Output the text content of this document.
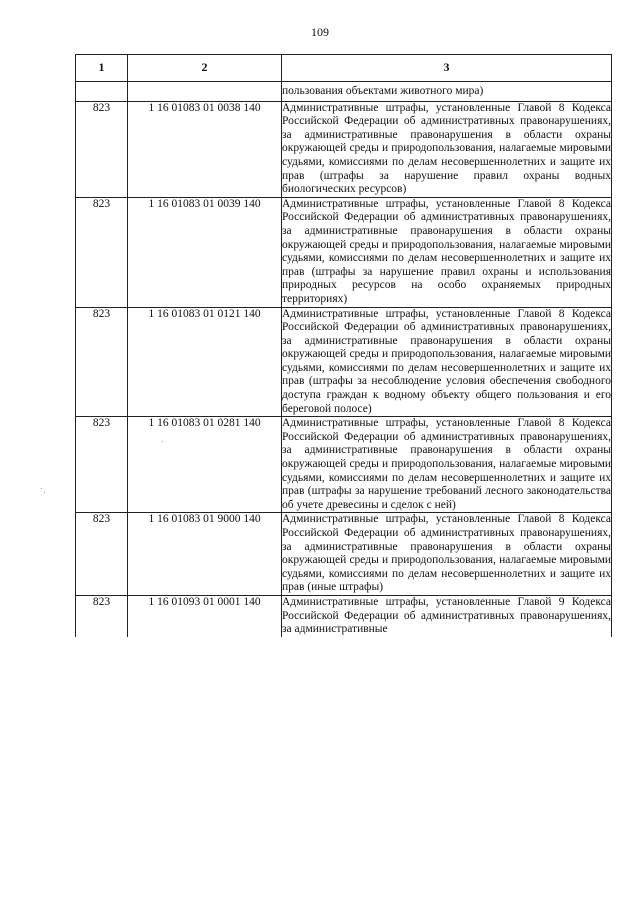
109
1	2	3
		пользования объектами животного мира)
823	1 16 01083 01 0038 140	Административные штрафы, установленные Главой 8 Кодекса Российской Федерации об административных правонарушениях, за административные правонарушения в области охраны окружающей среды и природопользования, налагаемые мировыми судьями, комиссиями по делам несовершеннолетних и защите их прав (штрафы за нарушение правил охраны водных биологических ресурсов)
823	1 16 01083 01 0039 140	Административные штрафы, установленные Главой 8 Кодекса Российской Федерации об административных правонарушениях, за административные правонарушения в области охраны окружающей среды и природопользования, налагаемые мировыми судьями, комиссиями по делам несовершеннолетних и защите их прав (штрафы за нарушение правил охраны и использования природных ресурсов на особо охраняемых природных территориях)
823	1 16 01083 01 0121 140	Административные штрафы, установленные Главой 8 Кодекса Российской Федерации об административных правонарушениях, за административные правонарушения в области охраны окружающей среды и природопользования, налагаемые мировыми судьями, комиссиями по делам несовершеннолетних и защите их прав (штрафы за несоблюдение условия обеспечения свободного доступа граждан к водному объекту общего пользования и его береговой полосе)
823	1 16 01083 01 0281 140	Административные штрафы, установленные Главой 8 Кодекса Российской Федерации об административных правонарушениях, за административные правонарушения в области охраны окружающей среды и природопользования, налагаемые мировыми судьями, комиссиями по делам несовершеннолетних и защите их прав (штрафы за нарушение требований лесного законодательства об учете древесины и сделок с ней)
823	1 16 01083 01 9000 140	Административные штрафы, установленные Главой 8 Кодекса Российской Федерации об административных правонарушениях, за административные правонарушения в области охраны окружающей среды и природопользования, налагаемые мировыми судьями, комиссиями по делам несовершеннолетних и защите их прав (иные штрафы)
823	1 16 01093 01 0001 140	Административные штрафы, установленные Главой 9 Кодекса Российской Федерации об административных правонарушениях, за административные
